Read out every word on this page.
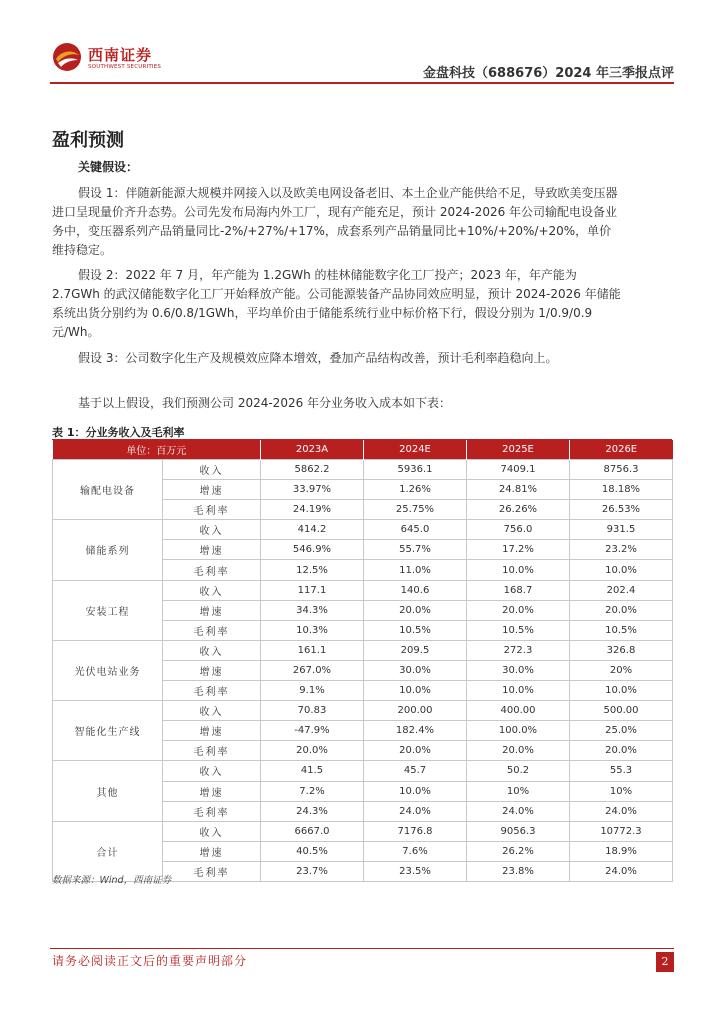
西南证券
SOUTHWEST SECURITIES	金盘科技（688676）2024 年三季报点评
盈利预测
关键假设：

假设 1：伴随新能源大规模并网接入以及欧美电网设备老旧、本土企业产能供给不足，导致欧美变压器进口呈现量价齐升态势。公司先发布局海内外工厂，现有产能充足，预计 2024-2026 年公司输配电设备业务中，变压器系列产品销量同比-2%/+27%/+17%，成套系列产品销量同比+10%/+20%/+20%，单价维持稳定。

假设 2：2022 年 7 月，年产能为 1.2GWh 的桂林储能数字化工厂投产；2023 年，年产能为 2.7GWh 的武汉储能数字化工厂开始释放产能。公司能源装备产品协同效应明显，预计 2024-2026 年储能系统出货分别约为 0.6/0.8/1GWh，平均单价由于储能系统行业中标价格下行，假设分别为 1/0.9/0.9 元/Wh。

假设 3：公司数字化生产及规模效应降本增效，叠加产品结构改善，预计毛利率趋稳向上。

基于以上假设，我们预测公司 2024-2026 年分业务收入成本如下表：

表 1：分业务收入及毛利率
单位：百万元		2023A	2024E	2025E	2026E
输配电设备	收入	5862.2	5936.1	7409.1	8756.3
	增速	33.97%	1.26%	24.81%	18.18%
	毛利率	24.19%	25.75%	26.26%	26.53%
储能系列	收入	414.2	645.0	756.0	931.5
	增速	546.9%	55.7%	17.2%	23.2%
	毛利率	12.5%	11.0%	10.0%	10.0%
安装工程	收入	117.1	140.6	168.7	202.4
	增速	34.3%	20.0%	20.0%	20.0%
	毛利率	10.3%	10.5%	10.5%	10.5%
光伏电站业务	收入	161.1	209.5	272.3	326.8
	增速	267.0%	30.0%	30.0%	20%
	毛利率	9.1%	10.0%	10.0%	10.0%
智能化生产线	收入	70.83	200.00	400.00	500.00
	增速	-47.9%	182.4%	100.0%	25.0%
	毛利率	20.0%	20.0%	20.0%	20.0%
其他	收入	41.5	45.7	50.2	55.3
	增速	7.2%	10.0%	10%	10%
	毛利率	24.3%	24.0%	24.0%	24.0%
合计	收入	6667.0	7176.8	9056.3	10772.3
	增速	40.5%	7.6%	26.2%	18.9%
	毛利率	23.7%	23.5%	23.8%	24.0%
数据来源：Wind，西南证券
请务必阅读正文后的重要声明部分	2
